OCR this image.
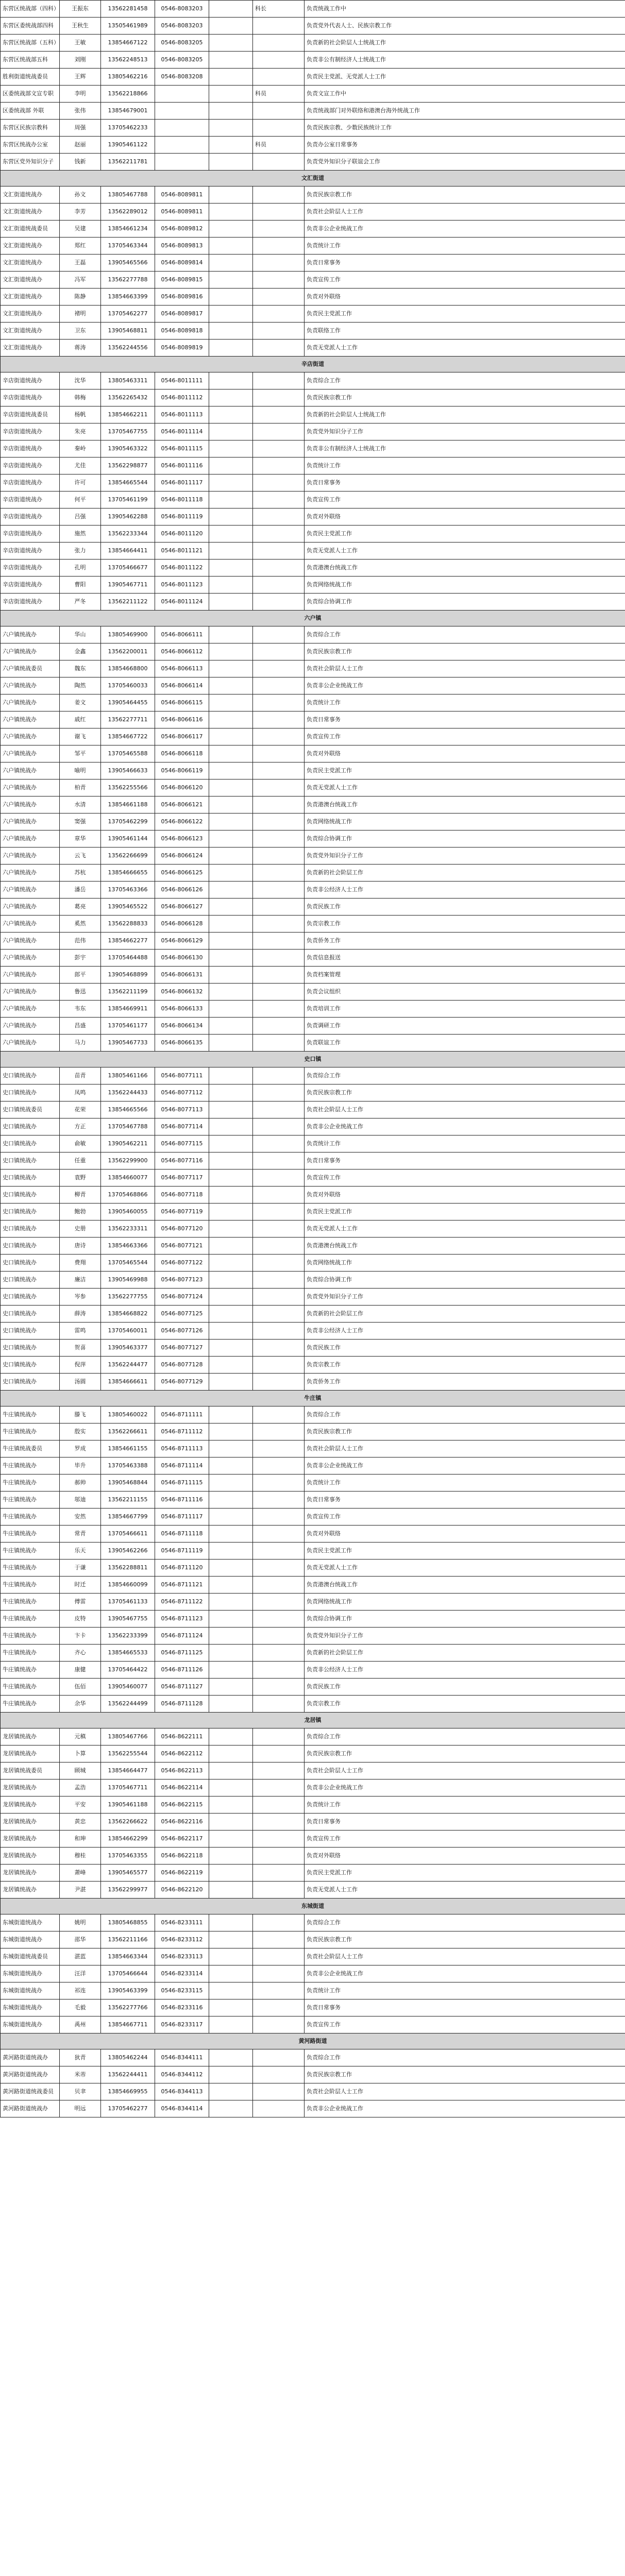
东营区统战部（四科）	王振东	13562281458	0546-8083203		科长	负责统战工作中
东营区委统战部四科	王秋生	13505461989	0546-8083203			负责党外代表人士、民族宗教工作
东营区统战部（五科）	王敏	13854667122	0546-8083205			负责新的社会阶层人士统战工作
东营区统战部五科	刘刚	13562248513	0546-8083205			负责非公有制经济人士统战工作
胜利街道统战委员	王辉	13805462216	0546-8083208			负责民主党派、无党派人士工作
区委统战部文宣专职	李明	13562218866			科员	负责文宣工作中
区委统战部 外联	张伟	13854679001				负责统战部门对外联络和港澳台海外统战工作
东营区民族宗教科	周强	13705462233				负责民族宗教、少数民族统计工作
东营区统战办公室	赵丽	13905461122			科员	负责办公室日常事务
东营区党外知识分子	钱新	13562211781				负责党外知识分子联谊会工作
文汇街道						
文汇街道统战办	孙文	13805467788	0546-8089811			负责民族宗教工作
文汇街道统战办	李芳	13562289012	0546-8089811			负责社会阶层人士工作
文汇街道统战委员	吴建	13854661234	0546-8089812			负责非公企业统战工作
文汇街道统战办	郑红	13705463344	0546-8089813			负责统计工作
文汇街道统战办	王磊	13905465566	0546-8089814			负责日常事务
文汇街道统战办	冯军	13562277788	0546-8089815			负责宣传工作
文汇街道统战办	陈静	13854663399	0546-8089816			负责对外联络
文汇街道统战办	褚明	13705462277	0546-8089817			负责民主党派工作
文汇街道统战办	卫东	13905468811	0546-8089818			负责联络工作
文汇街道统战办	蒋涛	13562244556	0546-8089819			负责无党派人士工作
辛店街道						
辛店街道统战办	沈华	13805463311	0546-8011111			负责综合工作
辛店街道统战办	韩梅	13562265432	0546-8011112			负责民族宗教工作
辛店街道统战委员	杨帆	13854662211	0546-8011113			负责新的社会阶层人士统战工作
辛店街道统战办	朱亮	13705467755	0546-8011114			负责党外知识分子工作
辛店街道统战办	秦岭	13905463322	0546-8011115			负责非公有制经济人士统战工作
辛店街道统战办	尤佳	13562298877	0546-8011116			负责统计工作
辛店街道统战办	许可	13854665544	0546-8011117			负责日常事务
辛店街道统战办	何平	13705461199	0546-8011118			负责宣传工作
辛店街道统战办	吕强	13905462288	0546-8011119			负责对外联络
辛店街道统战办	施然	13562233344	0546-8011120			负责民主党派工作
辛店街道统战办	张力	13854664411	0546-8011121			负责无党派人士工作
辛店街道统战办	孔明	13705466677	0546-8011122			负责港澳台统战工作
辛店街道统战办	曹阳	13905467711	0546-8011123			负责网络统战工作
辛店街道统战办	严冬	13562211122	0546-8011124			负责综合协调工作
六户镇						
六户镇统战办	华山	13805469900	0546-8066111			负责综合工作
六户镇统战办	金鑫	13562200011	0546-8066112			负责民族宗教工作
六户镇统战委员	魏东	13854668800	0546-8066113			负责社会阶层人士工作
六户镇统战办	陶然	13705460033	0546-8066114			负责非公企业统战工作
六户镇统战办	姜文	13905464455	0546-8066115			负责统计工作
六户镇统战办	戚红	13562277711	0546-8066116			负责日常事务
六户镇统战办	谢飞	13854667722	0546-8066117			负责宣传工作
六户镇统战办	邹平	13705465588	0546-8066118			负责对外联络
六户镇统战办	喻明	13905466633	0546-8066119			负责民主党派工作
六户镇统战办	柏青	13562255566	0546-8066120			负责无党派人士工作
六户镇统战办	水清	13854661188	0546-8066121			负责港澳台统战工作
六户镇统战办	窦强	13705462299	0546-8066122			负责网络统战工作
六户镇统战办	章华	13905461144	0546-8066123			负责综合协调工作
六户镇统战办	云飞	13562266699	0546-8066124			负责党外知识分子工作
六户镇统战办	苏杭	13854666655	0546-8066125			负责新的社会阶层工作
六户镇统战办	潘岳	13705463366	0546-8066126			负责非公经济人士工作
六户镇统战办	葛亮	13905465522	0546-8066127			负责民族工作
六户镇统战办	奚然	13562288833	0546-8066128			负责宗教工作
六户镇统战办	范伟	13854662277	0546-8066129			负责侨务工作
六户镇统战办	彭宇	13705464488	0546-8066130			负责信息报送
六户镇统战办	郎平	13905468899	0546-8066131			负责档案管理
六户镇统战办	鲁迅	13562211199	0546-8066132			负责会议组织
六户镇统战办	韦东	13854669911	0546-8066133			负责培训工作
六户镇统战办	昌盛	13705461177	0546-8066134			负责调研工作
六户镇统战办	马力	13905467733	0546-8066135			负责联谊工作
史口镇						
史口镇统战办	苗青	13805461166	0546-8077111			负责综合工作
史口镇统战办	凤鸣	13562244433	0546-8077112			负责民族宗教工作
史口镇统战委员	花荣	13854665566	0546-8077113			负责社会阶层人士工作
史口镇统战办	方正	13705467788	0546-8077114			负责非公企业统战工作
史口镇统战办	俞敏	13905462211	0546-8077115			负责统计工作
史口镇统战办	任重	13562299900	0546-8077116			负责日常事务
史口镇统战办	袁野	13854660077	0546-8077117			负责宣传工作
史口镇统战办	柳青	13705468866	0546-8077118			负责对外联络
史口镇统战办	鲍勃	13905460055	0546-8077119			负责民主党派工作
史口镇统战办	史册	13562233311	0546-8077120			负责无党派人士工作
史口镇统战办	唐诗	13854663366	0546-8077121			负责港澳台统战工作
史口镇统战办	费翔	13705465544	0546-8077122			负责网络统战工作
史口镇统战办	廉洁	13905469988	0546-8077123			负责综合协调工作
史口镇统战办	岑参	13562277755	0546-8077124			负责党外知识分子工作
史口镇统战办	薛涛	13854668822	0546-8077125			负责新的社会阶层工作
史口镇统战办	雷鸣	13705460011	0546-8077126			负责非公经济人士工作
史口镇统战办	贺喜	13905463377	0546-8077127			负责民族工作
史口镇统战办	倪萍	13562244477	0546-8077128			负责宗教工作
史口镇统战办	汤圆	13854666611	0546-8077129			负责侨务工作
牛庄镇						
牛庄镇统战办	滕飞	13805460022	0546-8711111			负责综合工作
牛庄镇统战办	殷实	13562266611	0546-8711112			负责民族宗教工作
牛庄镇统战委员	罗成	13854661155	0546-8711113			负责社会阶层人士工作
牛庄镇统战办	毕升	13705463388	0546-8711114			负责非公企业统战工作
牛庄镇统战办	郝帅	13905468844	0546-8711115			负责统计工作
牛庄镇统战办	邬迪	13562211155	0546-8711116			负责日常事务
牛庄镇统战办	安然	13854667799	0546-8711117			负责宣传工作
牛庄镇统战办	常青	13705466611	0546-8711118			负责对外联络
牛庄镇统战办	乐天	13905462266	0546-8711119			负责民主党派工作
牛庄镇统战办	于谦	13562288811	0546-8711120			负责无党派人士工作
牛庄镇统战办	时迁	13854660099	0546-8711121			负责港澳台统战工作
牛庄镇统战办	傅雷	13705461133	0546-8711122			负责网络统战工作
牛庄镇统战办	皮特	13905467755	0546-8711123			负责综合协调工作
牛庄镇统战办	卞卡	13562233399	0546-8711124			负责党外知识分子工作
牛庄镇统战办	齐心	13854665533	0546-8711125			负责新的社会阶层工作
牛庄镇统战办	康健	13705464422	0546-8711126			负责非公经济人士工作
牛庄镇统战办	伍佰	13905460077	0546-8711127			负责民族工作
牛庄镇统战办	余华	13562244499	0546-8711128			负责宗教工作
龙居镇						
龙居镇统战办	元稹	13805467766	0546-8622111			负责综合工作
龙居镇统战办	卜算	13562255544	0546-8622112			负责民族宗教工作
龙居镇统战委员	顾城	13854664477	0546-8622113			负责社会阶层人士工作
龙居镇统战办	孟浩	13705467711	0546-8622114			负责非公企业统战工作
龙居镇统战办	平安	13905461188	0546-8622115			负责统计工作
龙居镇统战办	黄忠	13562266622	0546-8622116			负责日常事务
龙居镇统战办	和珅	13854662299	0546-8622117			负责宣传工作
龙居镇统战办	穆桂	13705463355	0546-8622118			负责对外联络
龙居镇统战办	萧峰	13905465577	0546-8622119			负责民主党派工作
龙居镇统战办	尹湛	13562299977	0546-8622120			负责无党派人士工作
东城街道						
东城街道统战办	姚明	13805468855	0546-8233111			负责综合工作
东城街道统战办	邵华	13562211166	0546-8233112			负责民族宗教工作
东城街道统战委员	湛蓝	13854663344	0546-8233113			负责社会阶层人士工作
东城街道统战办	汪洋	13705466644	0546-8233114			负责非公企业统战工作
东城街道统战办	祁连	13905463399	0546-8233115			负责统计工作
东城街道统战办	毛毅	13562277766	0546-8233116			负责日常事务
东城街道统战办	禹州	13854667711	0546-8233117			负责宣传工作
黄河路街道						
黄河路街道统战办	狄青	13805462244	0546-8344111			负责综合工作
黄河路街道统战办	米芾	13562244411	0546-8344112			负责民族宗教工作
黄河路街道统战委员	贝聿	13854669955	0546-8344113			负责社会阶层人士工作
黄河路街道统战办	明远	13705462277	0546-8344114			负责非公企业统战工作
